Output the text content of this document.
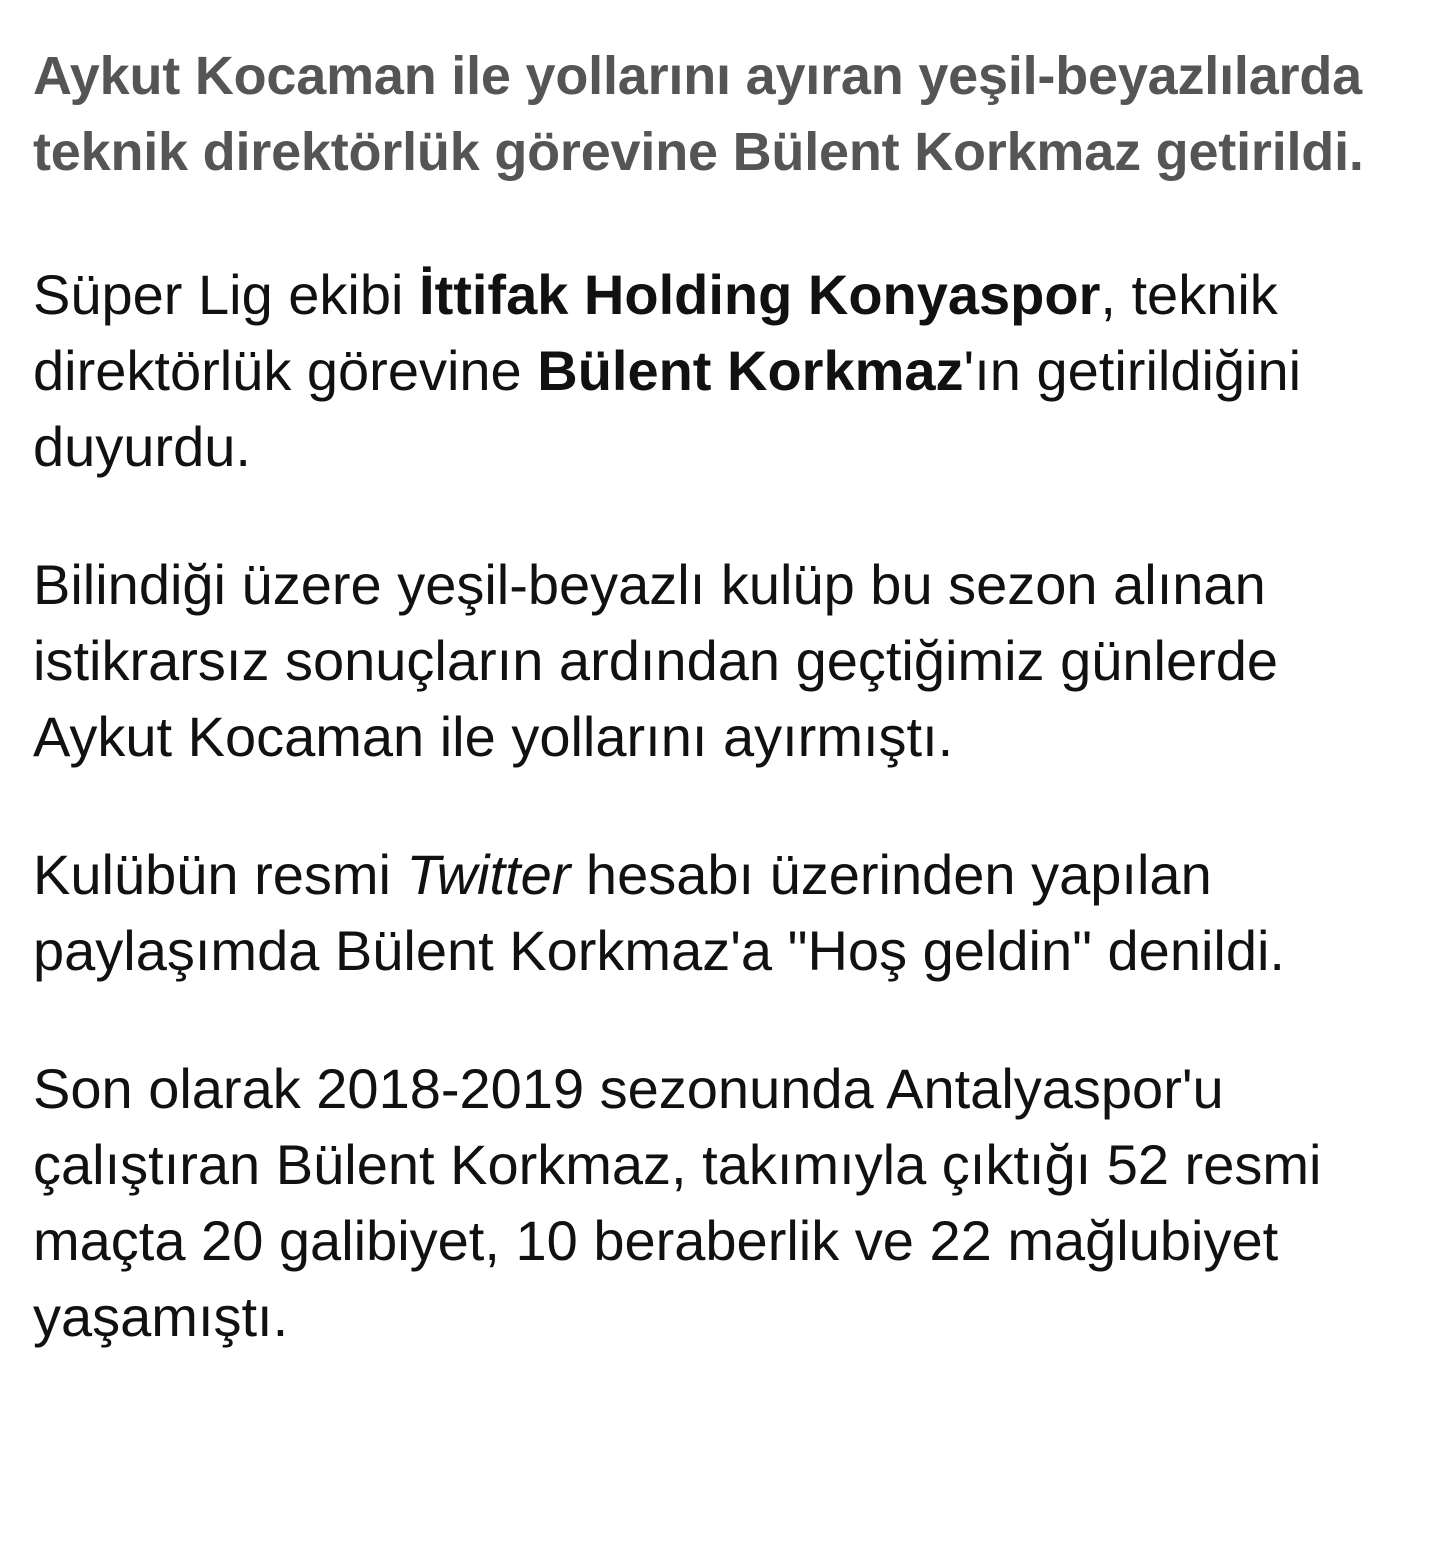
Aykut Kocaman ile yollarını ayıran yeşil-beyazlılarda teknik direktörlük görevine Bülent Korkmaz getirildi.

Süper Lig ekibi İttifak Holding Konyaspor, teknik direktörlük görevine Bülent Korkmaz'ın getirildiğini duyurdu.

Bilindiği üzere yeşil-beyazlı kulüp bu sezon alınan istikrarsız sonuçların ardından geçtiğimiz günlerde Aykut Kocaman ile yollarını ayırmıştı.

Kulübün resmi Twitter hesabı üzerinden yapılan paylaşımda Bülent Korkmaz'a "Hoş geldin" denildi.

Son olarak 2018-2019 sezonunda Antalyaspor'u çalıştıran Bülent Korkmaz, takımıyla çıktığı 52 resmi maçta 20 galibiyet, 10 beraberlik ve 22 mağlubiyet yaşamıştı.
